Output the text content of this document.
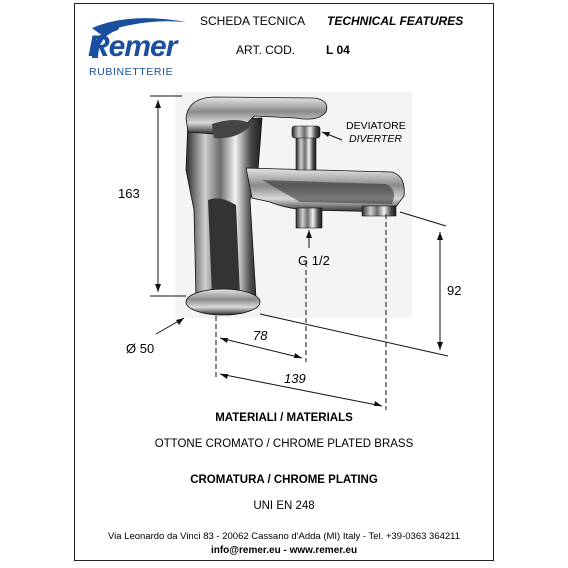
Remer
RUBINETTERIE
SCHEDA TECNICA TECHNICAL FEATURES
ART. COD.	L 04
DEVIATORE
DIVERTER
163
92
G 1/2
Ø 50
78
139
MATERIALI / MATERIALS
OTTONE CROMATO / CHROME PLATED BRASS
CROMATURA / CHROME PLATING
UNI EN 248
Via Leonardo da Vinci 83 - 20062 Cassano d'Adda (MI) Italy - Tel. +39-0363 364211
info@remer.eu - www.remer.eu
